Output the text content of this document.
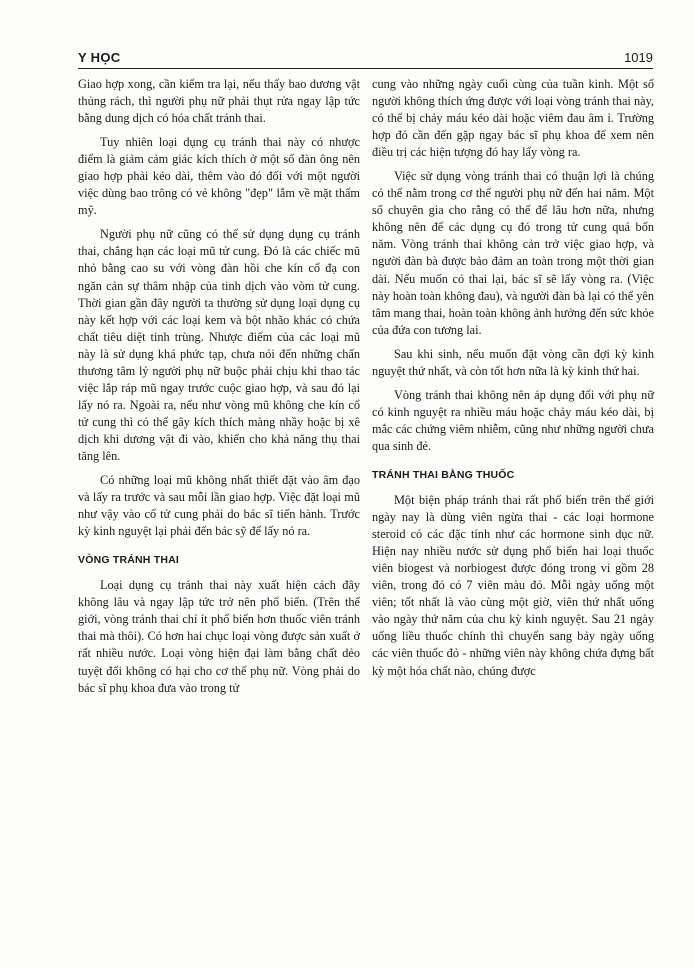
Y HỌC	1019

Giao hợp xong, cần kiểm tra lại, nếu thấy bao dương vật thủng rách, thì người phụ nữ phải thụt rửa ngay lập tức bằng dung dịch có hóa chất tránh thai.

Tuy nhiên loại dụng cụ tránh thai này có nhược điểm là giảm cảm giác kích thích ở một số đàn ông nên giao hợp phải kéo dài, thêm vào đó đối với một người việc dùng bao trông có vẻ không "đẹp" lắm về mặt thẩm mỹ.

Người phụ nữ cũng có thể sử dụng dụng cụ tránh thai, chẳng hạn các loại mũ tử cung. Đó là các chiếc mũ nhỏ bằng cao su với vòng đàn hồi che kín cổ đạ con ngăn cản sự thâm nhập của tinh dịch vào vòm tử cung. Thời gian gần đây người ta thường sử dụng loại dụng cụ này kết hợp với các loại kem và bột nhão khác có chứa chất tiêu diệt tinh trùng. Nhược điểm của các loại mũ này là sử dụng khá phức tạp, chưa nói đến những chấn thương tâm lý người phụ nữ buộc phải chịu khi thao tác việc lắp ráp mũ ngay trước cuộc giao hợp, và sau đó lại lấy nó ra. Ngoài ra, nếu như vòng mũ không che kín cổ tử cung thì có thể gây kích thích màng nhầy hoặc bị xê dịch khi dương vật đi vào, khiến cho khả năng thụ thai tăng lên.

Có những loại mũ không nhất thiết đặt vào âm đạo và lấy ra trước và sau mỗi lần giao hợp. Việc đặt loại mũ như vậy vào cổ tử cung phải do bác sĩ tiến hành. Trước kỳ kinh nguyệt lại phải đến bác sỹ để lấy nó ra.

VÒNG TRÁNH THAI

Loại dụng cụ tránh thai này xuất hiện cách đây không lâu và ngay lập tức trở nên phổ biến. (Trên thế giới, vòng tránh thai chỉ ít phổ biến hơn thuốc viên tránh thai mà thôi). Có hơn hai chục loại vòng được sản xuất ở rất nhiều nước. Loại vòng hiện đại làm bằng chất dẻo tuyệt đối không có hại cho cơ thể phụ nữ. Vòng phải do bác sĩ phụ khoa đưa vào trong tử

cung vào những ngày cuối cùng của tuần kinh. Một số người không thích ứng được với loại vòng tránh thai này, có thể bị chảy máu kéo dài hoặc viêm đau âm ỉ. Trường hợp đó cần đến gặp ngay bác sĩ phụ khoa để xem nên điều trị các hiện tượng đó hay lấy vòng ra.

Việc sử dụng vòng tránh thai có thuận lợi là chúng có thể nằm trong cơ thể người phụ nữ đến hai năm. Một số chuyên gia cho rằng có thể để lâu hơn nữa, nhưng không nên để các dụng cụ đó trong tử cung quá bốn năm. Vòng tránh thai không cản trở việc giao hợp, và người đàn bà được bảo đảm an toàn trong một thời gian dài. Nếu muốn có thai lại, bác sĩ sẽ lấy vòng ra. (Việc này hoàn toàn không đau), và người đàn bà lại có thể yên tâm mang thai, hoàn toàn không ảnh hưởng đến sức khỏe của đứa con tương lai.

Sau khi sinh, nếu muốn đặt vòng cần đợi kỳ kinh nguyệt thứ nhất, và còn tốt hơn nữa là kỳ kinh thứ hai.

Vòng tránh thai không nên áp dụng đối với phụ nữ có kinh nguyệt ra nhiều máu hoặc chảy máu kéo dài, bị mắc các chứng viêm nhiễm, cũng như những người chưa qua sinh đẻ.

TRÁNH THAI BẰNG THUỐC

Một biện pháp tránh thai rất phổ biến trên thế giới ngày nay là dùng viên ngừa thai - các loại hormone steroid có các đặc tính như các hormone sinh dục nữ. Hiện nay nhiều nước sử dụng phổ biến hai loại thuốc viên biogest và norbiogest được đóng trong vỉ gồm 28 viên, trong đó có 7 viên màu đỏ. Mỗi ngày uống một viên; tốt nhất là vào cùng một giờ, viên thứ nhất uống vào ngày thứ năm của chu kỳ kinh nguyệt. Sau 21 ngày uống liều thuốc chính thì chuyển sang bảy ngày uống các viên thuốc đỏ - những viên này không chứa đựng bất kỳ một hóa chất nào, chúng được
